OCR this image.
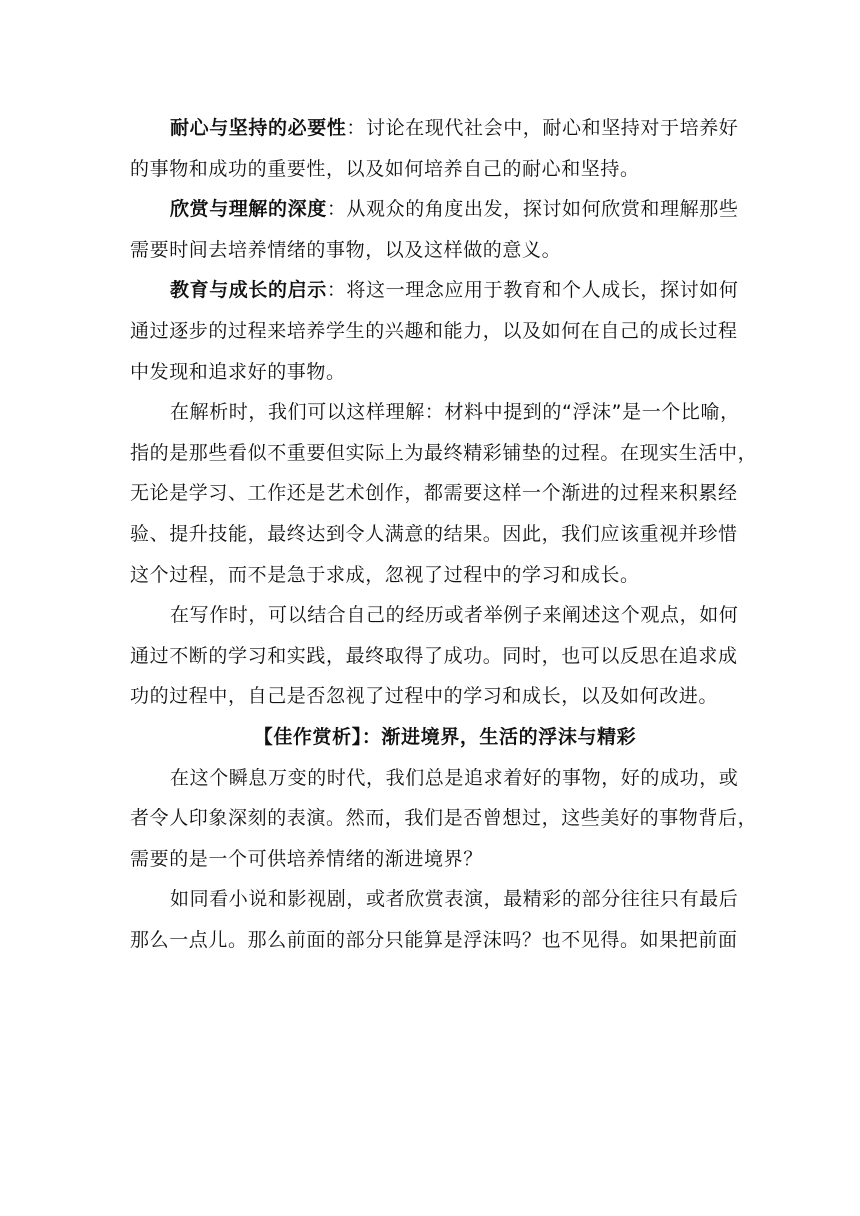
耐心与坚持的必要性：讨论在现代社会中，耐心和坚持对于培养好
的事物和成功的重要性，以及如何培养自己的耐心和坚持。

欣赏与理解的深度：从观众的角度出发，探讨如何欣赏和理解那些
需要时间去培养情绪的事物，以及这样做的意义。

教育与成长的启示：将这一理念应用于教育和个人成长，探讨如何
通过逐步的过程来培养学生的兴趣和能力，以及如何在自己的成长过程
中发现和追求好的事物。

在解析时，我们可以这样理解：材料中提到的“浮沫”是一个比喻，
指的是那些看似不重要但实际上为最终精彩铺垫的过程。在现实生活中，
无论是学习、工作还是艺术创作，都需要这样一个渐进的过程来积累经
验、提升技能，最终达到令人满意的结果。因此，我们应该重视并珍惜
这个过程，而不是急于求成，忽视了过程中的学习和成长。

在写作时，可以结合自己的经历或者举例子来阐述这个观点，如何
通过不断的学习和实践，最终取得了成功。同时，也可以反思在追求成
功的过程中，自己是否忽视了过程中的学习和成长，以及如何改进。

【佳作赏析】：渐进境界，生活的浮沫与精彩

在这个瞬息万变的时代，我们总是追求着好的事物，好的成功，或
者令人印象深刻的表演。然而，我们是否曾想过，这些美好的事物背后，
需要的是一个可供培养情绪的渐进境界？

如同看小说和影视剧，或者欣赏表演，最精彩的部分往往只有最后
那么一点儿。那么前面的部分只能算是浮沫吗？也不见得。如果把前面
